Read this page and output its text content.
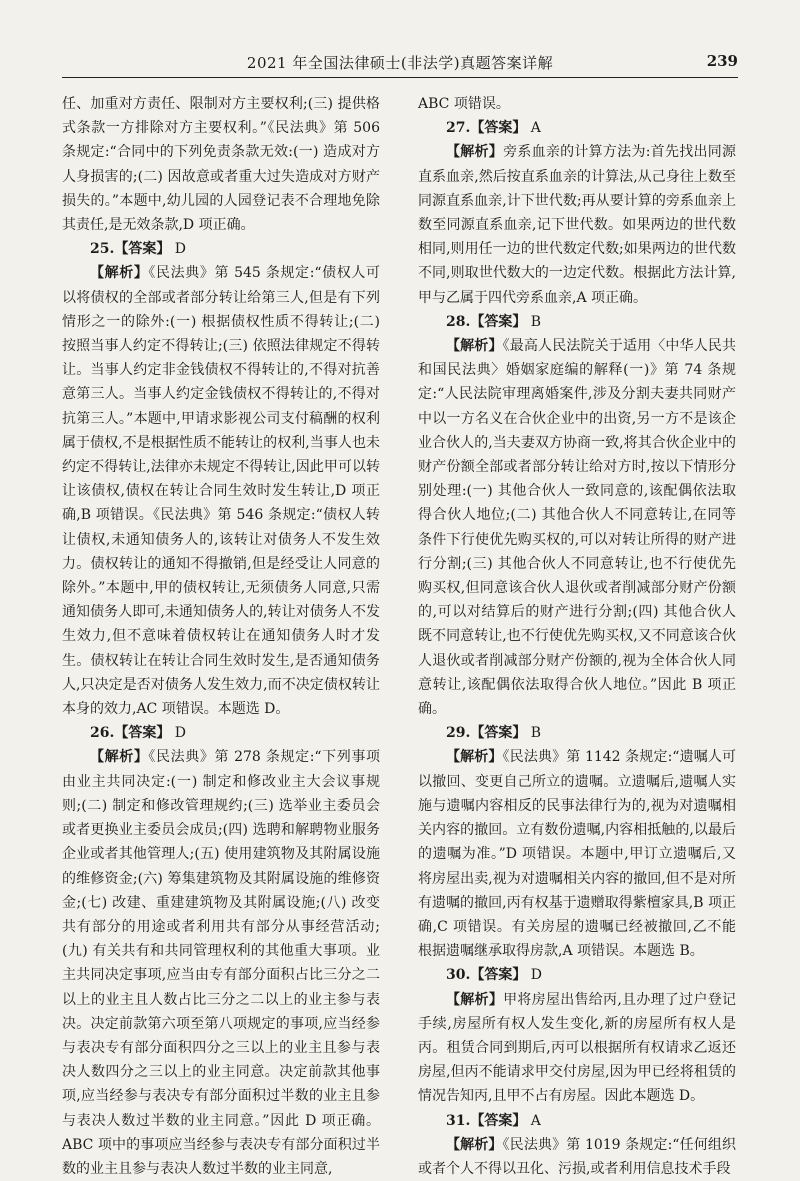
2021 年全国法律硕士(非法学)真题答案详解	239

任、加重对方责任、限制对方主要权利;(三) 提供格式条款一方排除对方主要权利。”《民法典》第 506 条规定:“合同中的下列免责条款无效:(一) 造成对方人身损害的;(二) 因故意或者重大过失造成对方财产损失的。”本题中,幼儿园的人园登记表不合理地免除其责任,是无效条款,D 项正确。

25.【答案】 D

【解析】《民法典》第 545 条规定:“债权人可以将债权的全部或者部分转让给第三人,但是有下列情形之一的除外:(一) 根据债权性质不得转让;(二) 按照当事人约定不得转让;(三) 依照法律规定不得转让。当事人约定非金钱债权不得转让的,不得对抗善意第三人。当事人约定金钱债权不得转让的,不得对抗第三人。”本题中,甲请求影视公司支付稿酬的权利属于债权,不是根据性质不能转让的权利,当事人也未约定不得转让,法律亦未规定不得转让,因此甲可以转让该债权,债权在转让合同生效时发生转让,D 项正确,B 项错误。《民法典》第 546 条规定:“债权人转让债权,未通知债务人的,该转让对债务人不发生效力。债权转让的通知不得撤销,但是经受让人同意的除外。”本题中,甲的债权转让,无须债务人同意,只需通知债务人即可,未通知债务人的,转让对债务人不发生效力,但不意味着债权转让在通知债务人时才发生。债权转让在转让合同生效时发生,是否通知债务人,只决定是否对债务人发生效力,而不决定债权转让本身的效力,AC 项错误。本题选 D。

26.【答案】 D

【解析】《民法典》第 278 条规定:“下列事项由业主共同决定:(一) 制定和修改业主大会议事规则;(二) 制定和修改管理规约;(三) 选举业主委员会或者更换业主委员会成员;(四) 选聘和解聘物业服务企业或者其他管理人;(五) 使用建筑物及其附属设施的维修资金;(六) 筹集建筑物及其附属设施的维修资金;(七) 改建、重建建筑物及其附属设施;(八) 改变共有部分的用途或者利用共有部分从事经营活动;(九) 有关共有和共同管理权利的其他重大事项。业主共同决定事项,应当由专有部分面积占比三分之二以上的业主且人数占比三分之二以上的业主参与表决。决定前款第六项至第八项规定的事项,应当经参与表决专有部分面积四分之三以上的业主且参与表决人数四分之三以上的业主同意。决定前款其他事项,应当经参与表决专有部分面积过半数的业主且参与表决人数过半数的业主同意。”因此 D 项正确。ABC 项中的事项应当经参与表决专有部分面积过半数的业主且参与表决人数过半数的业主同意,

ABC 项错误。

27.【答案】 A

【解析】旁系血亲的计算方法为:首先找出同源直系血亲,然后按直系血亲的计算法,从己身往上数至同源直系血亲,计下世代数;再从要计算的旁系血亲上数至同源直系血亲,记下世代数。如果两边的世代数相同,则用任一边的世代数定代数;如果两边的世代数不同,则取世代数大的一边定代数。根据此方法计算,甲与乙属于四代旁系血亲,A 项正确。

28.【答案】 B

【解析】《最高人民法院关于适用〈中华人民共和国民法典〉婚姻家庭编的解释(一)》第 74 条规定:“人民法院审理离婚案件,涉及分割夫妻共同财产中以一方名义在合伙企业中的出资,另一方不是该企业合伙人的,当夫妻双方协商一致,将其合伙企业中的财产份额全部或者部分转让给对方时,按以下情形分别处理:(一) 其他合伙人一致同意的,该配偶依法取得合伙人地位;(二) 其他合伙人不同意转让,在同等条件下行使优先购买权的,可以对转让所得的财产进行分割;(三) 其他合伙人不同意转让,也不行使优先购买权,但同意该合伙人退伙或者削减部分财产份额的,可以对结算后的财产进行分割;(四) 其他合伙人既不同意转让,也不行使优先购买权,又不同意该合伙人退伙或者削减部分财产份额的,视为全体合伙人同意转让,该配偶依法取得合伙人地位。”因此 B 项正确。

29.【答案】 B

【解析】《民法典》第 1142 条规定:“遗嘱人可以撤回、变更自己所立的遗嘱。立遗嘱后,遗嘱人实施与遗嘱内容相反的民事法律行为的,视为对遗嘱相关内容的撤回。立有数份遗嘱,内容相抵触的,以最后的遗嘱为准。”D 项错误。本题中,甲订立遗嘱后,又将房屋出卖,视为对遗嘱相关内容的撤回,但不是对所有遗嘱的撤回,丙有权基于遗赠取得紫檀家具,B 项正确,C 项错误。有关房屋的遗嘱已经被撤回,乙不能根据遗嘱继承取得房款,A 项错误。本题选 B。

30.【答案】 D

【解析】甲将房屋出售给丙,且办理了过户登记手续,房屋所有权人发生变化,新的房屋所有权人是丙。租赁合同到期后,丙可以根据所有权请求乙返还房屋,但丙不能请求甲交付房屋,因为甲已经将租赁的情况告知丙,且甲不占有房屋。因此本题选 D。

31.【答案】 A

【解析】《民法典》第 1019 条规定:“任何组织或者个人不得以丑化、污损,或者利用信息技术手段
